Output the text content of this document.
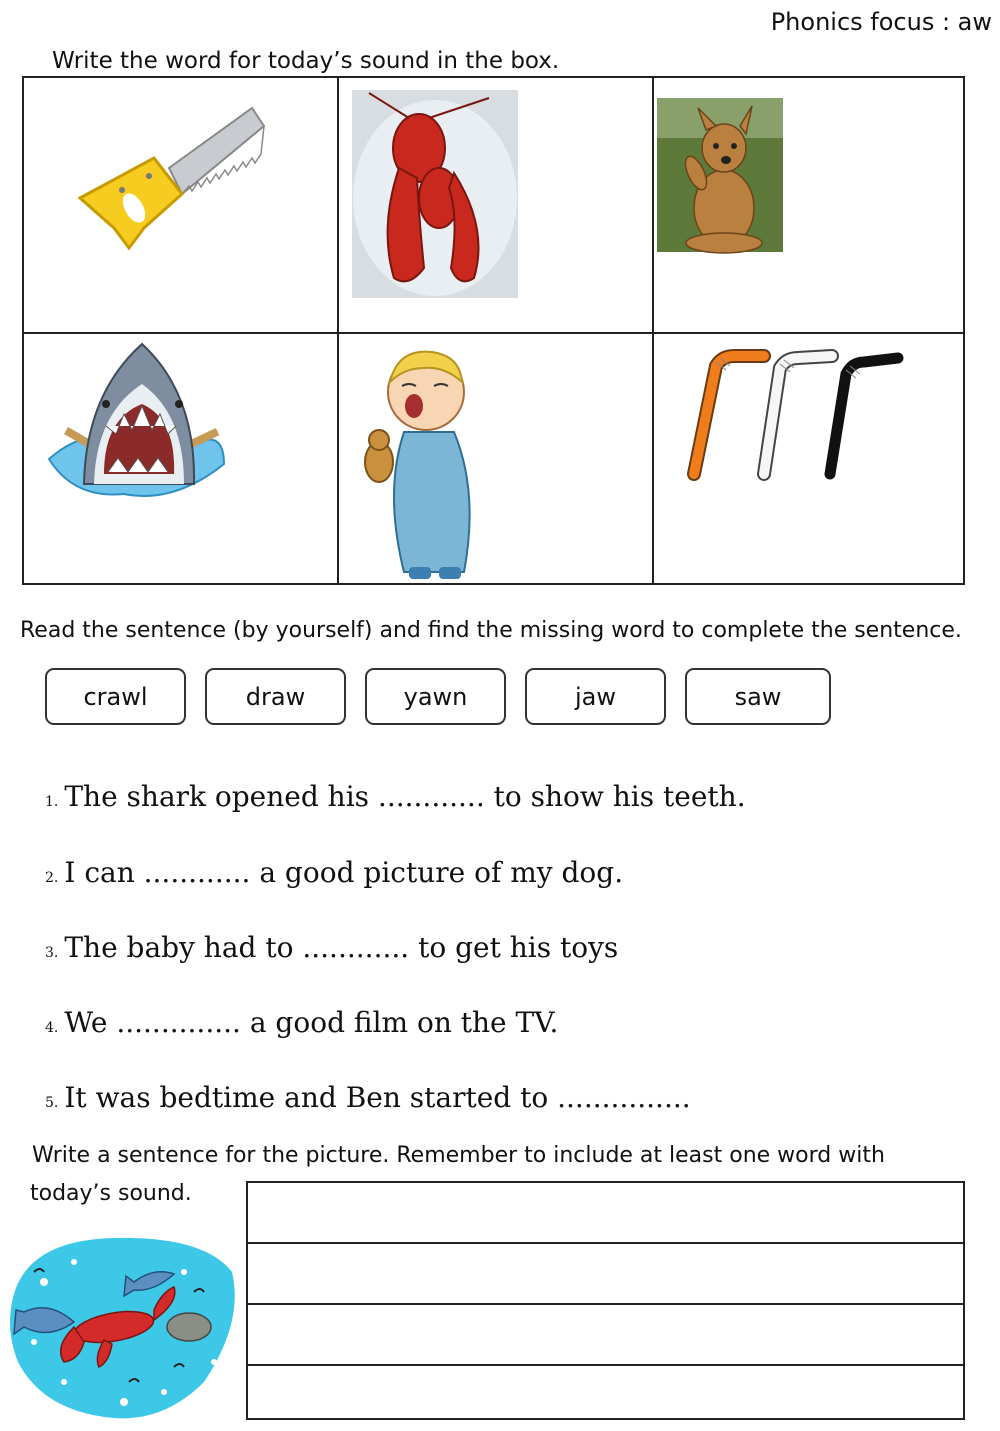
Phonics focus : aw
Write the word for today’s sound in the box.
Read the sentence (by yourself) and find the missing word to complete the sentence.
crawl	draw	yawn	jaw	saw
1. The shark opened his ............ to show his teeth.
2. I can ............ a good picture of my dog.
3. The baby had to ............ to get his toys
4. We .............. a good film on the TV.
5. It was bedtime and Ben started to ...............
Write a sentence for the picture. Remember to include at least one word with
today’s sound.
